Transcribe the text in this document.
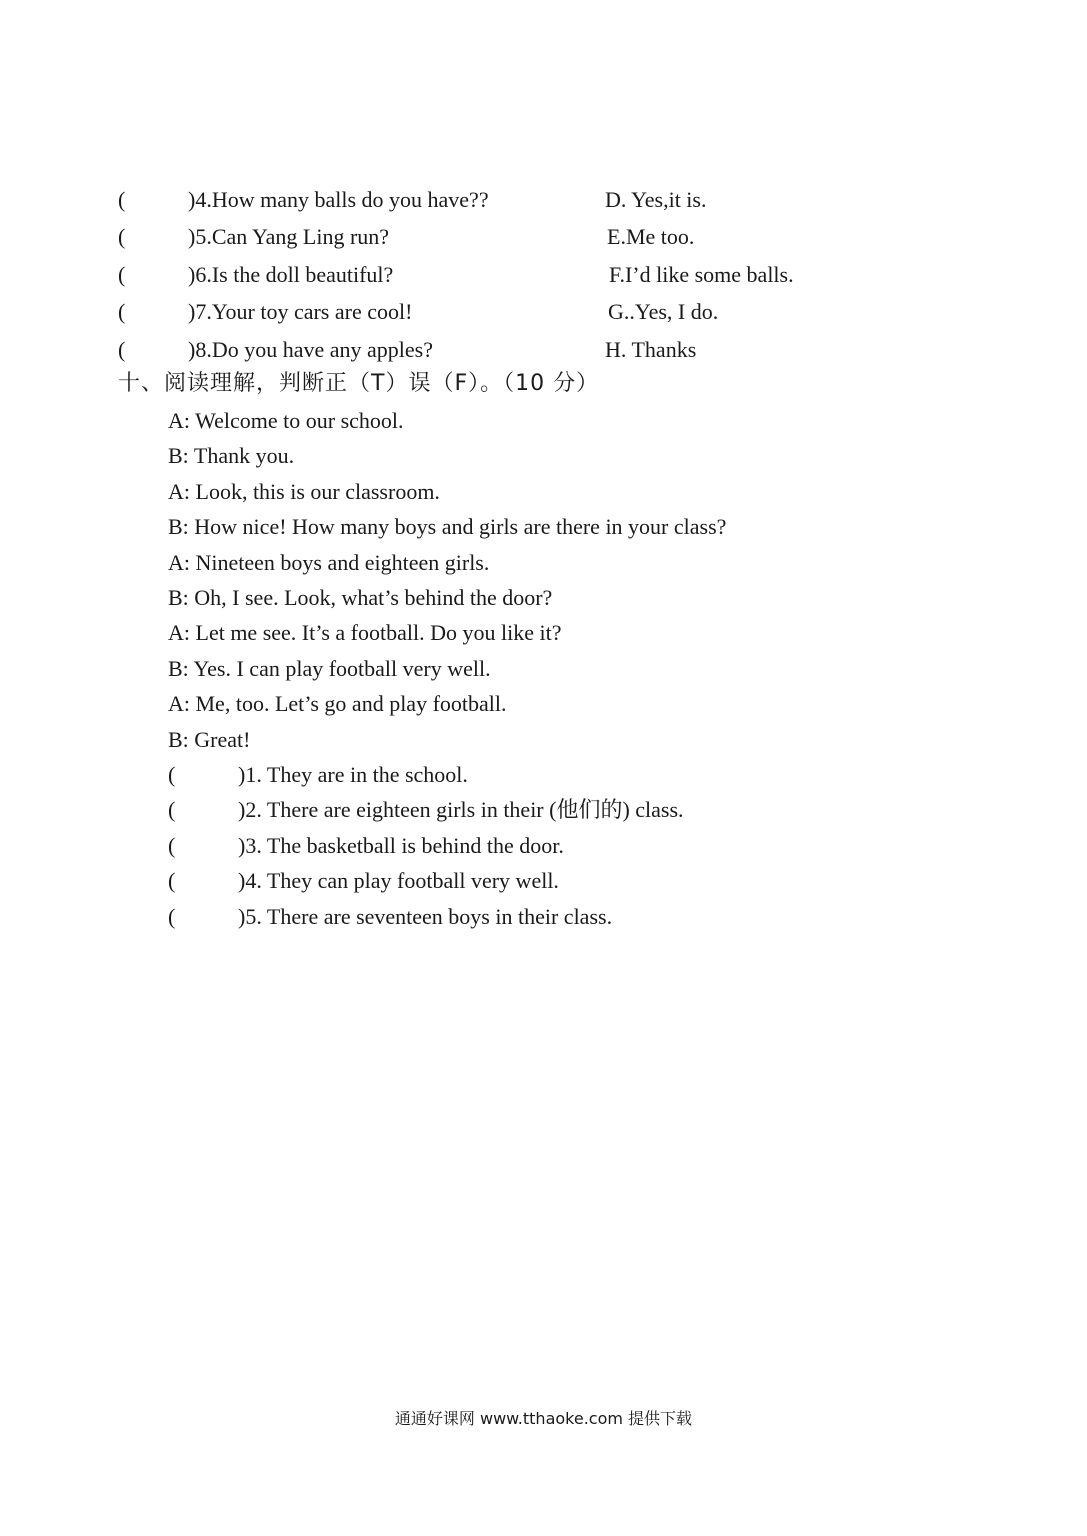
(	)4.How many balls do you have??	D. Yes,it is.
(	)5.Can Yang Ling run?	E.Me too.
(	)6.Is the doll beautiful?	F.I’d like some balls.
(	)7.Your toy cars are cool!	G..Yes, I do.
(	)8.Do you have any apples?	H. Thanks
十、阅读理解，判断正（T）误（F）。（10 分）
A: Welcome to our school.
B: Thank you.
A: Look, this is our classroom.
B: How nice! How many boys and girls are there in your class?
A: Nineteen boys and eighteen girls.
B: Oh, I see. Look, what’s behind the door?
A: Let me see. It’s a football. Do you like it?
B: Yes. I can play football very well.
A: Me, too. Let’s go and play football.
B: Great!
(	)1. They are in the school.
(	)2. There are eighteen girls in their (他们的) class.
(	)3. The basketball is behind the door.
(	)4. They can play football very well.
(	)5. There are seventeen boys in their class.
通通好课网 www.tthaoke.com 提供下载
